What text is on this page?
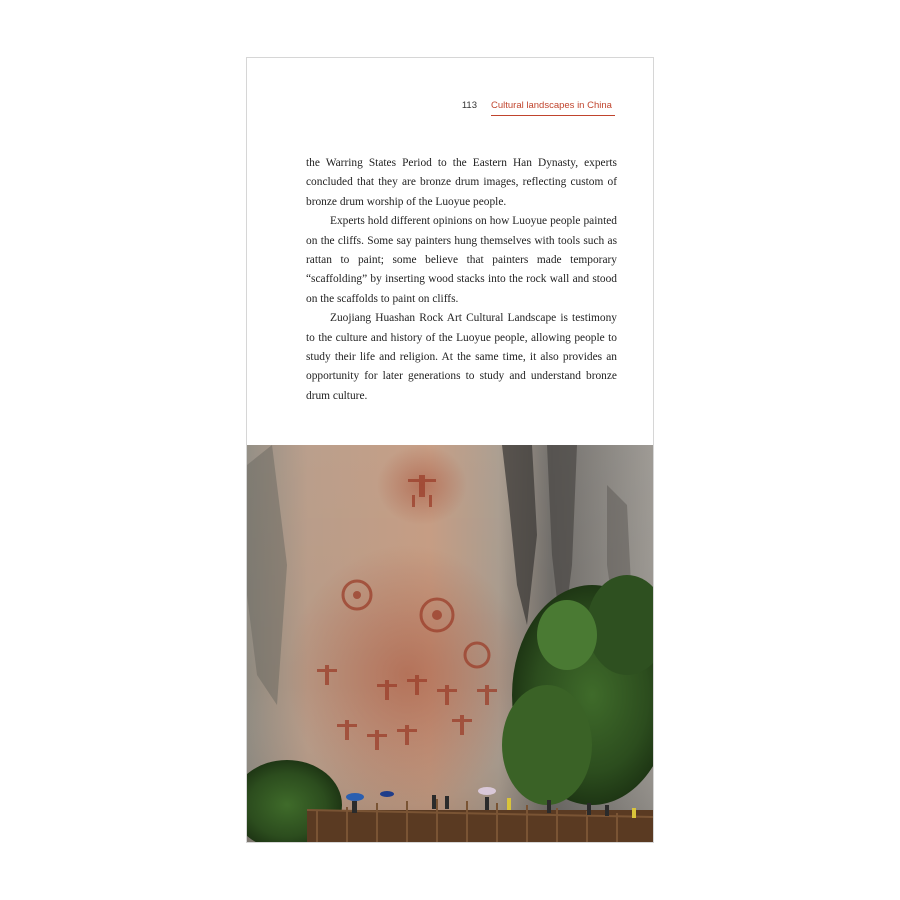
113 Cultural landscapes in China

the Warring States Period to the Eastern Han Dynasty, experts concluded that they are bronze drum images, reflecting custom of bronze drum worship of the Luoyue people.

Experts hold different opinions on how Luoyue people painted on the cliffs. Some say painters hung themselves with tools such as rattan to paint; some believe that painters made temporary “scaffolding” by inserting wood stacks into the rock wall and stood on the scaffolds to paint on cliffs.

Zuojiang Huashan Rock Art Cultural Landscape is testimony to the culture and history of the Luoyue people, allowing people to study their life and religion. At the same time, it also provides an opportunity for later generations to study and understand bronze drum culture.
